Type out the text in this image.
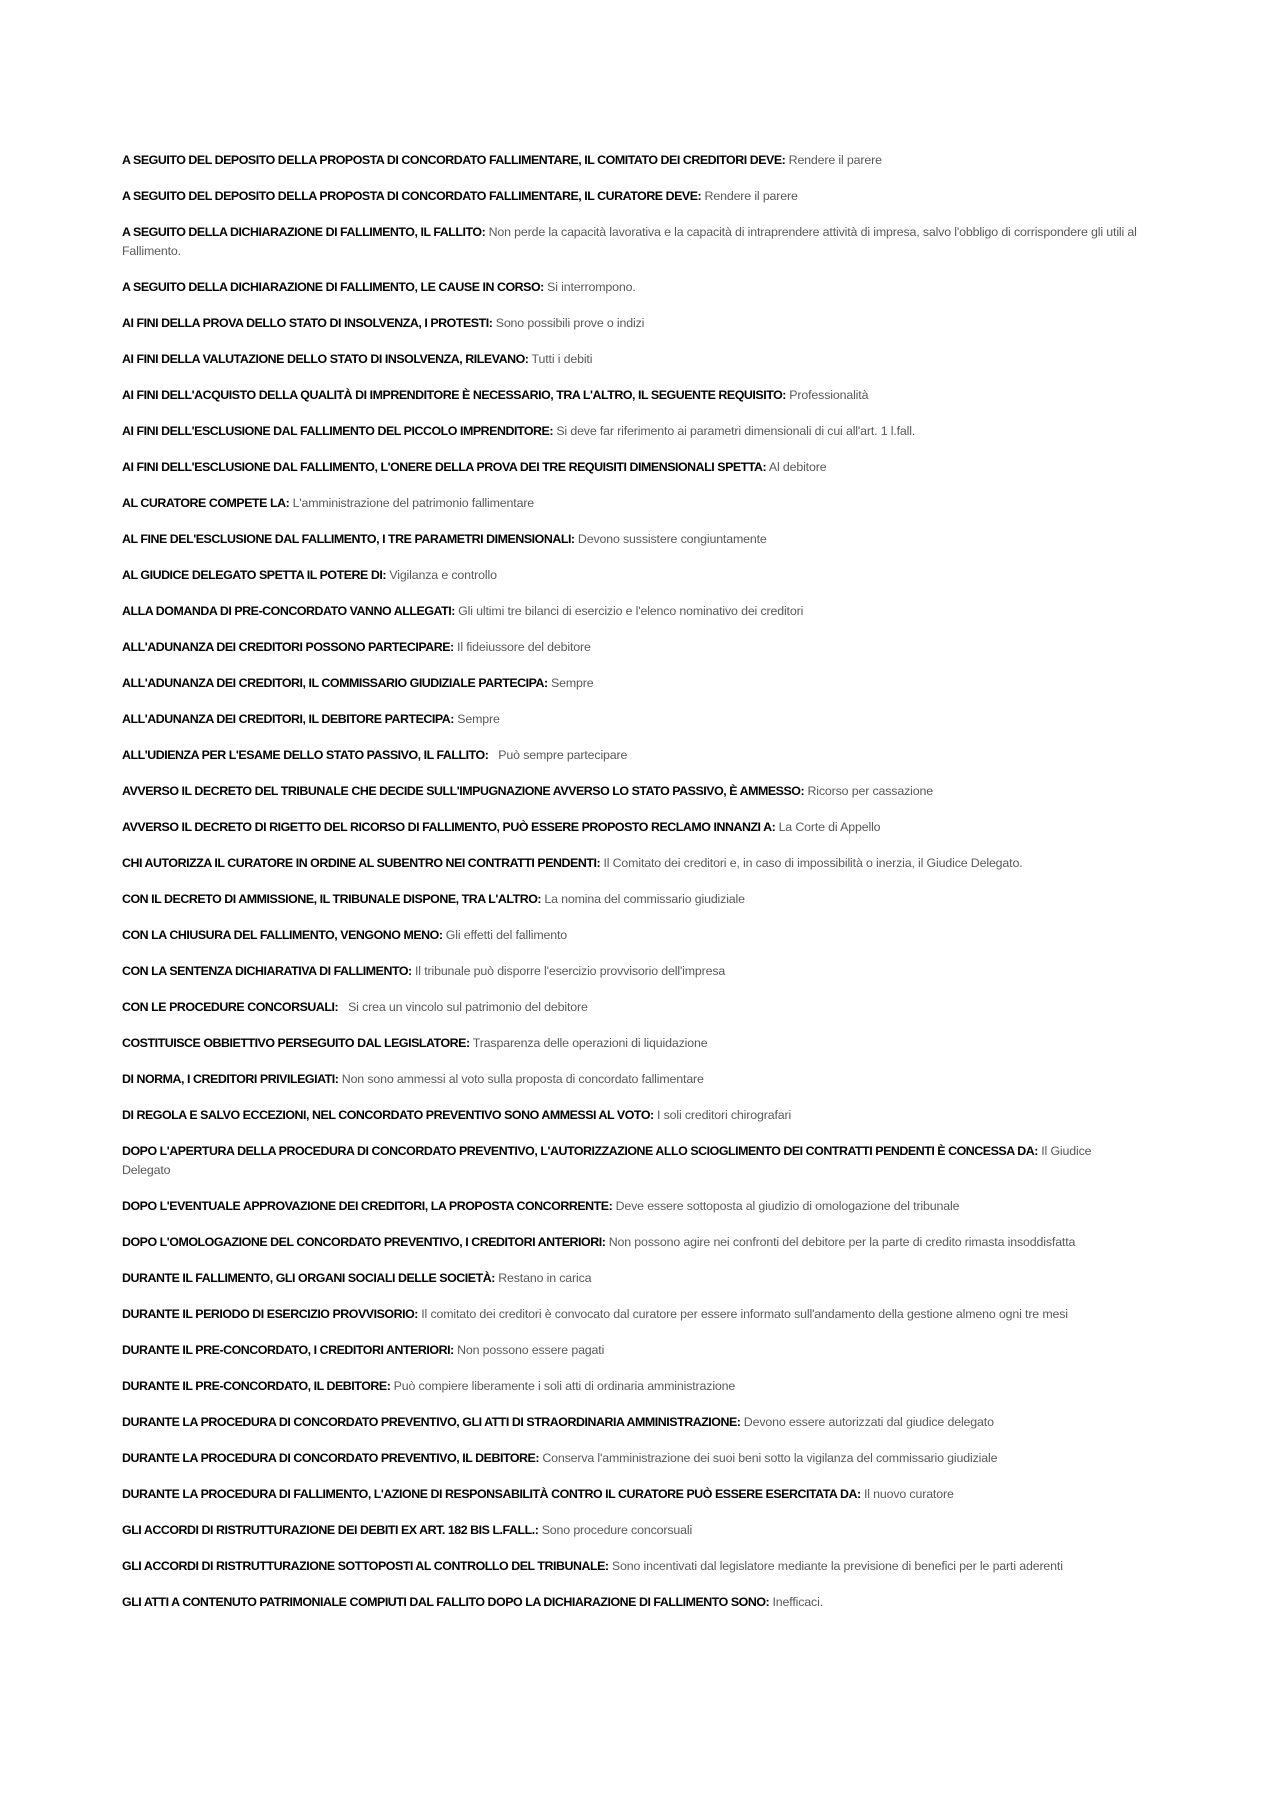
A SEGUITO DEL DEPOSITO DELLA PROPOSTA DI CONCORDATO FALLIMENTARE, IL COMITATO DEI CREDITORI DEVE: Rendere il parere

A SEGUITO DEL DEPOSITO DELLA PROPOSTA DI CONCORDATO FALLIMENTARE, IL CURATORE DEVE: Rendere il parere

A SEGUITO DELLA DICHIARAZIONE DI FALLIMENTO, IL FALLITO: Non perde la capacità lavorativa e la capacità di intraprendere attività di impresa, salvo l'obbligo di corrispondere gli utili al Fallimento.

A SEGUITO DELLA DICHIARAZIONE DI FALLIMENTO, LE CAUSE IN CORSO: Si interrompono.

AI FINI DELLA PROVA DELLO STATO DI INSOLVENZA, I PROTESTI: Sono possibili prove o indizi

AI FINI DELLA VALUTAZIONE DELLO STATO DI INSOLVENZA, RILEVANO: Tutti i debiti

AI FINI DELL'ACQUISTO DELLA QUALITÀ DI IMPRENDITORE È NECESSARIO, TRA L'ALTRO, IL SEGUENTE REQUISITO: Professionalità

AI FINI DELL'ESCLUSIONE DAL FALLIMENTO DEL PICCOLO IMPRENDITORE: Si deve far riferimento ai parametri dimensionali di cui all'art. 1 l.fall.

AI FINI DELL'ESCLUSIONE DAL FALLIMENTO, L'ONERE DELLA PROVA DEI TRE REQUISITI DIMENSIONALI SPETTA: Al debitore

AL CURATORE COMPETE LA: L'amministrazione del patrimonio fallimentare

AL FINE DEL'ESCLUSIONE DAL FALLIMENTO, I TRE PARAMETRI DIMENSIONALI: Devono sussistere congiuntamente

AL GIUDICE DELEGATO SPETTA IL POTERE DI: Vigilanza e controllo

ALLA DOMANDA DI PRE-CONCORDATO VANNO ALLEGATI: Gli ultimi tre bilanci di esercizio e l'elenco nominativo dei creditori

ALL'ADUNANZA DEI CREDITORI POSSONO PARTECIPARE: Il fideiussore del debitore

ALL'ADUNANZA DEI CREDITORI, IL COMMISSARIO GIUDIZIALE PARTECIPA: Sempre

ALL'ADUNANZA DEI CREDITORI, IL DEBITORE PARTECIPA: Sempre

ALL'UDIENZA PER L'ESAME DELLO STATO PASSIVO, IL FALLITO:   Può sempre partecipare

AVVERSO IL DECRETO DEL TRIBUNALE CHE DECIDE SULL'IMPUGNAZIONE AVVERSO LO STATO PASSIVO, È AMMESSO: Ricorso per cassazione

AVVERSO IL DECRETO DI RIGETTO DEL RICORSO DI FALLIMENTO, PUÒ ESSERE PROPOSTO RECLAMO INNANZI A: La Corte di Appello

CHI AUTORIZZA IL CURATORE IN ORDINE AL SUBENTRO NEI CONTRATTI PENDENTI: Il Comitato dei creditori e, in caso di impossibilità o inerzia, il Giudice Delegato.

CON IL DECRETO DI AMMISSIONE, IL TRIBUNALE DISPONE, TRA L'ALTRO: La nomina del commissario giudiziale

CON LA CHIUSURA DEL FALLIMENTO, VENGONO MENO: Gli effetti del fallimento

CON LA SENTENZA DICHIARATIVA DI FALLIMENTO: Il tribunale può disporre l'esercizio provvisorio dell'impresa

CON LE PROCEDURE CONCORSUALI:   Si crea un vincolo sul patrimonio del debitore

COSTITUISCE OBBIETTIVO PERSEGUITO DAL LEGISLATORE: Trasparenza delle operazioni di liquidazione

DI NORMA, I CREDITORI PRIVILEGIATI: Non sono ammessi al voto sulla proposta di concordato fallimentare

DI REGOLA E SALVO ECCEZIONI, NEL CONCORDATO PREVENTIVO SONO AMMESSI AL VOTO: I soli creditori chirografari

DOPO L'APERTURA DELLA PROCEDURA DI CONCORDATO PREVENTIVO, L'AUTORIZZAZIONE ALLO SCIOGLIMENTO DEI CONTRATTI PENDENTI È CONCESSA DA: Il Giudice Delegato

DOPO L'EVENTUALE APPROVAZIONE DEI CREDITORI, LA PROPOSTA CONCORRENTE: Deve essere sottoposta al giudizio di omologazione del tribunale

DOPO L'OMOLOGAZIONE DEL CONCORDATO PREVENTIVO, I CREDITORI ANTERIORI: Non possono agire nei confronti del debitore per la parte di credito rimasta insoddisfatta

DURANTE IL FALLIMENTO, GLI ORGANI SOCIALI DELLE SOCIETÀ: Restano in carica

DURANTE IL PERIODO DI ESERCIZIO PROVVISORIO: Il comitato dei creditori è convocato dal curatore per essere informato sull'andamento della gestione almeno ogni tre mesi

DURANTE IL PRE-CONCORDATO, I CREDITORI ANTERIORI: Non possono essere pagati

DURANTE IL PRE-CONCORDATO, IL DEBITORE: Può compiere liberamente i soli atti di ordinaria amministrazione

DURANTE LA PROCEDURA DI CONCORDATO PREVENTIVO, GLI ATTI DI STRAORDINARIA AMMINISTRAZIONE: Devono essere autorizzati dal giudice delegato

DURANTE LA PROCEDURA DI CONCORDATO PREVENTIVO, IL DEBITORE: Conserva l'amministrazione dei suoi beni sotto la vigilanza del commissario giudiziale

DURANTE LA PROCEDURA DI FALLIMENTO, L'AZIONE DI RESPONSABILITÀ CONTRO IL CURATORE PUÒ ESSERE ESERCITATA DA: Il nuovo curatore

GLI ACCORDI DI RISTRUTTURAZIONE DEI DEBITI EX ART. 182 BIS L.FALL.: Sono procedure concorsuali

GLI ACCORDI DI RISTRUTTURAZIONE SOTTOPOSTI AL CONTROLLO DEL TRIBUNALE: Sono incentivati dal legislatore mediante la previsione di benefici per le parti aderenti

GLI ATTI A CONTENUTO PATRIMONIALE COMPIUTI DAL FALLITO DOPO LA DICHIARAZIONE DI FALLIMENTO SONO: Inefficaci.
